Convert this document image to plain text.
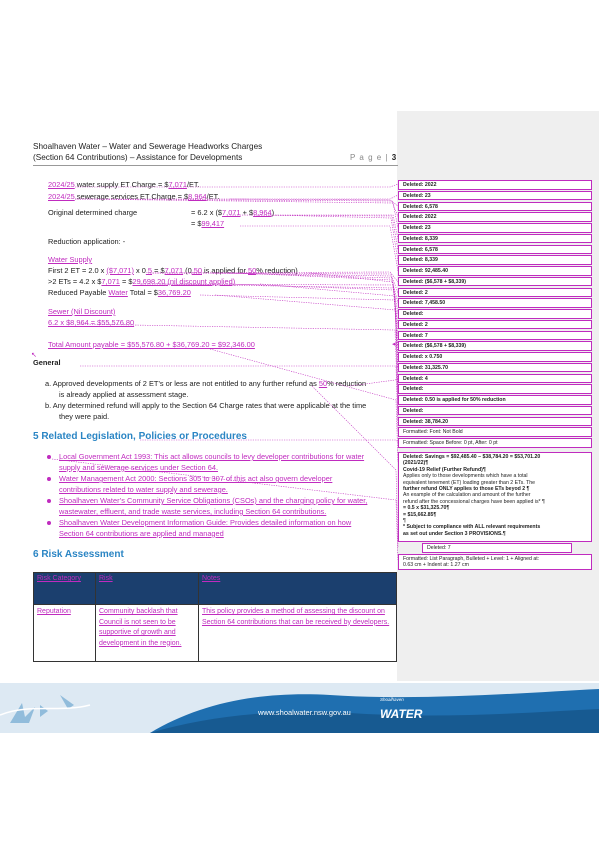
Shoalhaven Water – Water and Sewerage Headworks Charges
(Section 64 Contributions) – Assistance for Developments	P a g e | 3
2024/25 water supply ET Charge = $7,071/ET.
2024/25 sewerage services ET Charge = $8,964/ET.
Original determined charge	= 6.2 x ($7,071 + $8,964)
= $99,417
Reduction application: -
Water Supply
First 2 ET = 2.0 x ($7,071) x 0.5 = $7,071 (0.50 is applied for 50% reduction)
>2 ETs = 4.2 x $7,071 = $29,698.20 (nil discount applied)
Reduced Payable Water Total = $36,769.20
Sewer (Nil Discount)
6.2 x $8,964 = $55,576.80
Total Amount payable = $55,576.80 + $36,769.20 = $92,346.00
General
a. Approved developments of 2 ET’s or less are not entitled to any further refund as 50% reduction
is already applied at assessment stage.
b. Any determined refund will apply to the Section 64 Charge rates that were applicable at the time
they were paid.
5 Related Legislation, Policies or Procedures
Local Government Act 1993: This act allows councils to levy developer contributions for water
supply and sewerage services under Section 64.
Water Management Act 2000: Sections 305 to 307 of this act also govern developer
contributions related to water supply and sewerage.
Shoalhaven Water’s Community Service Obligations (CSOs) and the charging policy for water,
wastewater, effluent, and trade waste services, including Section 64 contributions.
Shoalhaven Water Development Information Guide: Provides detailed information on how
Section 64 contributions are applied and managed
6 Risk Assessment
Risk Category	Risk	Notes
Reputation	Community backlash that Council is not seen to be supportive of growth and development in the region.	This policy provides a method of assessing the discount on Section 64 contributions that can be received by developers.
↖
◂
Deleted: 2022
Deleted: 23
Deleted: 6,578
Deleted: 2022
Deleted: 23
Deleted: 8,339
Deleted: 6,578
Deleted: 8,339
Deleted: 92,485.40
Deleted: ($6,578 + $8,339)
Deleted: 2
Deleted: 7,458.50
Deleted:
Deleted: 2
Deleted: 7
Deleted: ($6,578 + $8,339)
Deleted: x 0.750
Deleted: 31,325.70
Deleted: 4
Deleted:
Deleted: 0.50 is applied for 50% reduction
Deleted:
Deleted: 38,784.20
Formatted: Font: Not Bold
Formatted: Space Before: 0 pt, After: 0 pt
Deleted: Savings = $92,485.40 – $38,784.20 = $53,701.20
(2021/22)¶
Covid-19 Relief (Further Refund)¶
Applies only to those developments which have a total
equivalent tenement (ET) loading greater than 2 ETs. The
further refund ONLY applies to those ETs beyod 2 ¶
An example of the calculation and amount of the further
refund after the concessional charges have been applied is* ¶
= 0.5 x $31,325.70¶
= $15,662.85¶
¶
* Subject to compliance with ALL relevant requirements
as set out under Section 3 PROVISIONS.¶
Deleted: 7
Formatted: List Paragraph, Bulleted + Level: 1 + Aligned at:
0.63 cm + Indent at: 1.27 cm
www.shoalwater.nsw.gov.au
Shoalhaven
WATER
